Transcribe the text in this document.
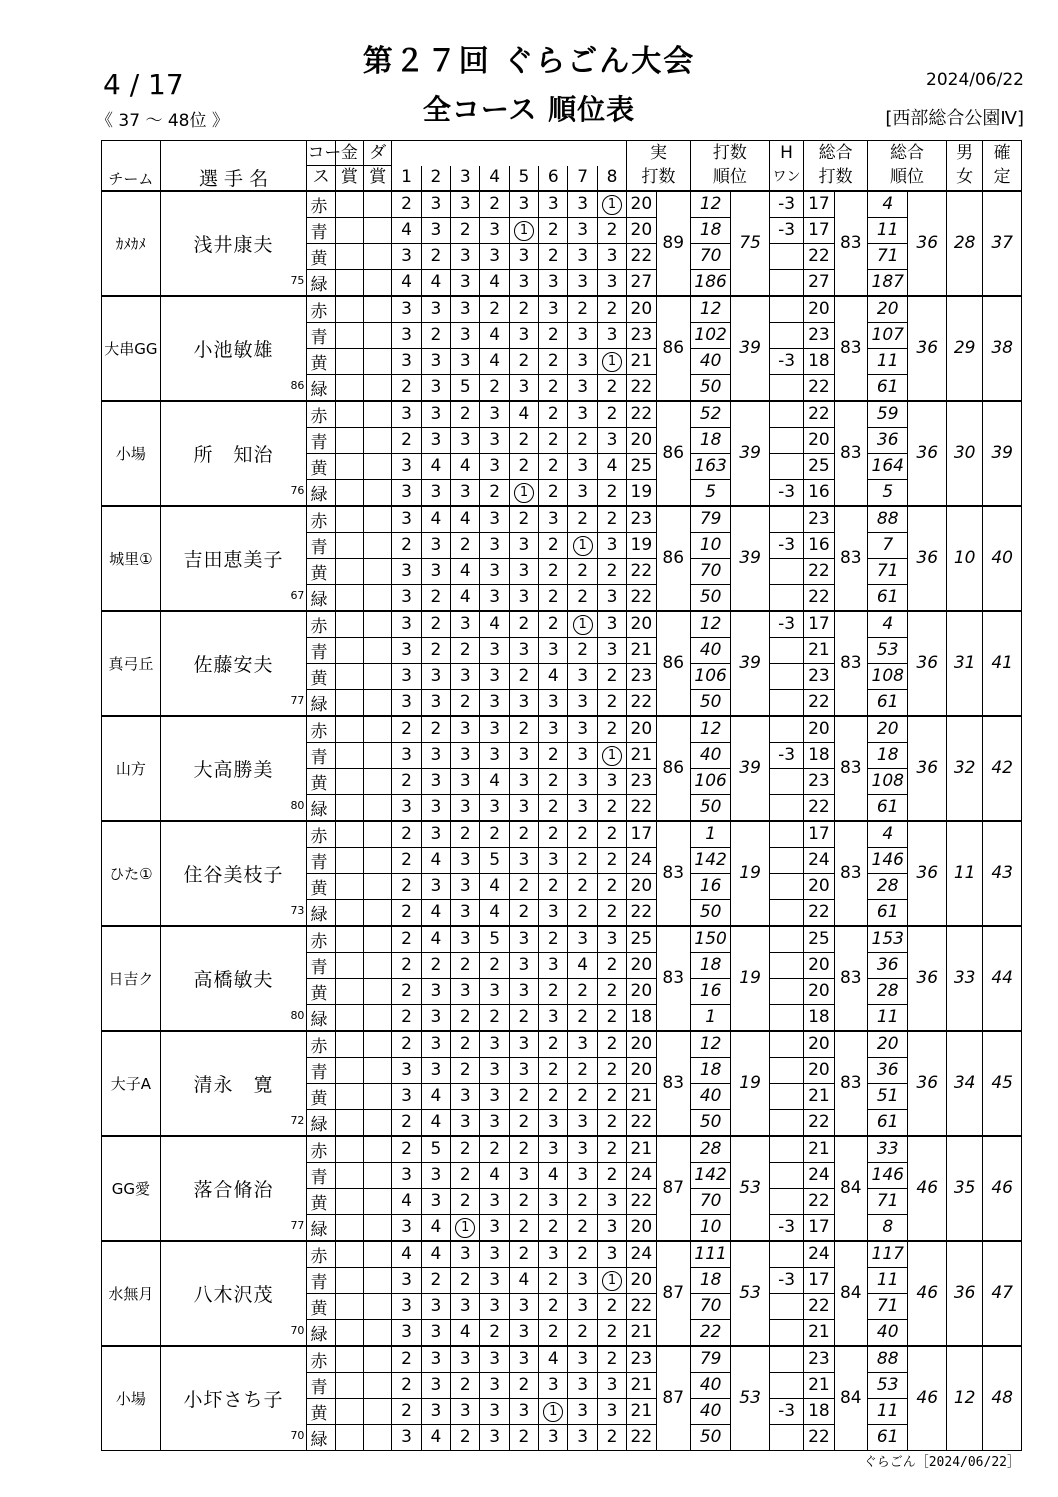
第２７回 ぐらごん大会
全コース 順位表
4 / 17
《 37 ～ 48位 》
2024/06/22
[西部総合公園Ⅳ]
チーム	選 手 名	コー	金	ダ									実		打数		H	総合		総合		男	確
		ス	賞	賞	1	2	3	4	5	6	7	8	打数		順位		ワン	打数		順位		女	定
ｶﾒｶﾒ	浅井康夫
75	赤			2	3	3	2	3	3	3	1	20	89	12	75	-3	17	83	4	36	28	37
		青			4	3	2	3	1	2	3	2	20		18		-3	17		11			
		黄			3	2	3	3	3	2	3	3	22		70			22		71			
		緑			4	4	3	4	3	3	3	3	27		186			27		187			
大串GG	小池敏雄
86	赤			3	3	3	2	2	3	2	2	20	86	12	39		20	83	20	36	29	38
		青			3	2	3	4	3	2	3	3	23		102			23		107			
		黄			3	3	3	4	2	2	3	1	21		40		-3	18		11			
		緑			2	3	5	2	3	2	3	2	22		50			22		61			
小場	所　知治
76	赤			3	3	2	3	4	2	3	2	22	86	52	39		22	83	59	36	30	39
		青			2	3	3	3	2	2	2	3	20		18			20		36			
		黄			3	4	4	3	2	2	3	4	25		163			25		164			
		緑			3	3	3	2	1	2	3	2	19		5		-3	16		5			
城里①	吉田恵美子
67	赤			3	4	4	3	2	3	2	2	23	86	79	39		23	83	88	36	10	40
		青			2	3	2	3	3	2	1	3	19		10		-3	16		7			
		黄			3	3	4	3	3	2	2	2	22		70			22		71			
		緑			3	2	4	3	3	2	2	3	22		50			22		61			
真弓丘	佐藤安夫
77	赤			3	2	3	4	2	2	1	3	20	86	12	39	-3	17	83	4	36	31	41
		青			3	2	2	3	3	3	2	3	21		40			21		53			
		黄			3	3	3	3	2	4	3	2	23		106			23		108			
		緑			3	3	2	3	3	3	3	2	22		50			22		61			
山方	大高勝美
80	赤			2	2	3	3	2	3	3	2	20	86	12	39		20	83	20	36	32	42
		青			3	3	3	3	3	2	3	1	21		40		-3	18		18			
		黄			2	3	3	4	3	2	3	3	23		106			23		108			
		緑			3	3	3	3	3	2	3	2	22		50			22		61			
ひた①	住谷美枝子
73	赤			2	3	2	2	2	2	2	2	17	83	1	19		17	83	4	36	11	43
		青			2	4	3	5	3	3	2	2	24		142			24		146			
		黄			2	3	3	4	2	2	2	2	20		16			20		28			
		緑			2	4	3	4	2	3	2	2	22		50			22		61			
日吉ク	高橋敏夫
80	赤			2	4	3	5	3	2	3	3	25	83	150	19		25	83	153	36	33	44
		青			2	2	2	2	3	3	4	2	20		18			20		36			
		黄			2	3	3	3	3	2	2	2	20		16			20		28			
		緑			2	3	2	2	2	3	2	2	18		1			18		11			
大子A	清永　寛
72	赤			2	3	2	3	3	2	3	2	20	83	12	19		20	83	20	36	34	45
		青			3	3	2	3	3	2	2	2	20		18			20		36			
		黄			3	4	3	3	2	2	2	2	21		40			21		51			
		緑			2	4	3	3	2	3	3	2	22		50			22		61			
GG愛	落合脩治
77	赤			2	5	2	2	2	3	3	2	21	87	28	53		21	84	33	46	35	46
		青			3	3	2	4	3	4	3	2	24		142			24		146			
		黄			4	3	2	3	2	3	2	3	22		70			22		71			
		緑			3	4	1	3	2	2	2	3	20		10		-3	17		8			
水無月	八木沢茂
70	赤			4	4	3	3	2	3	2	3	24	87	111	53		24	84	117	46	36	47
		青			3	2	2	3	4	2	3	1	20		18		-3	17		11			
		黄			3	3	3	3	3	2	3	2	22		70			22		71			
		緑			3	3	4	2	3	2	2	2	21		22			21		40			
小場	小圷さち子
70	赤			2	3	3	3	3	4	3	2	23	87	79	53		23	84	88	46	12	48
		青			2	3	2	3	2	3	3	3	21		40			21		53			
		黄			2	3	3	3	3	1	3	3	21		40		-3	18		11			
		緑			3	4	2	3	2	3	3	2	22		50			22		61			
ぐらごん［2024/06/22］
